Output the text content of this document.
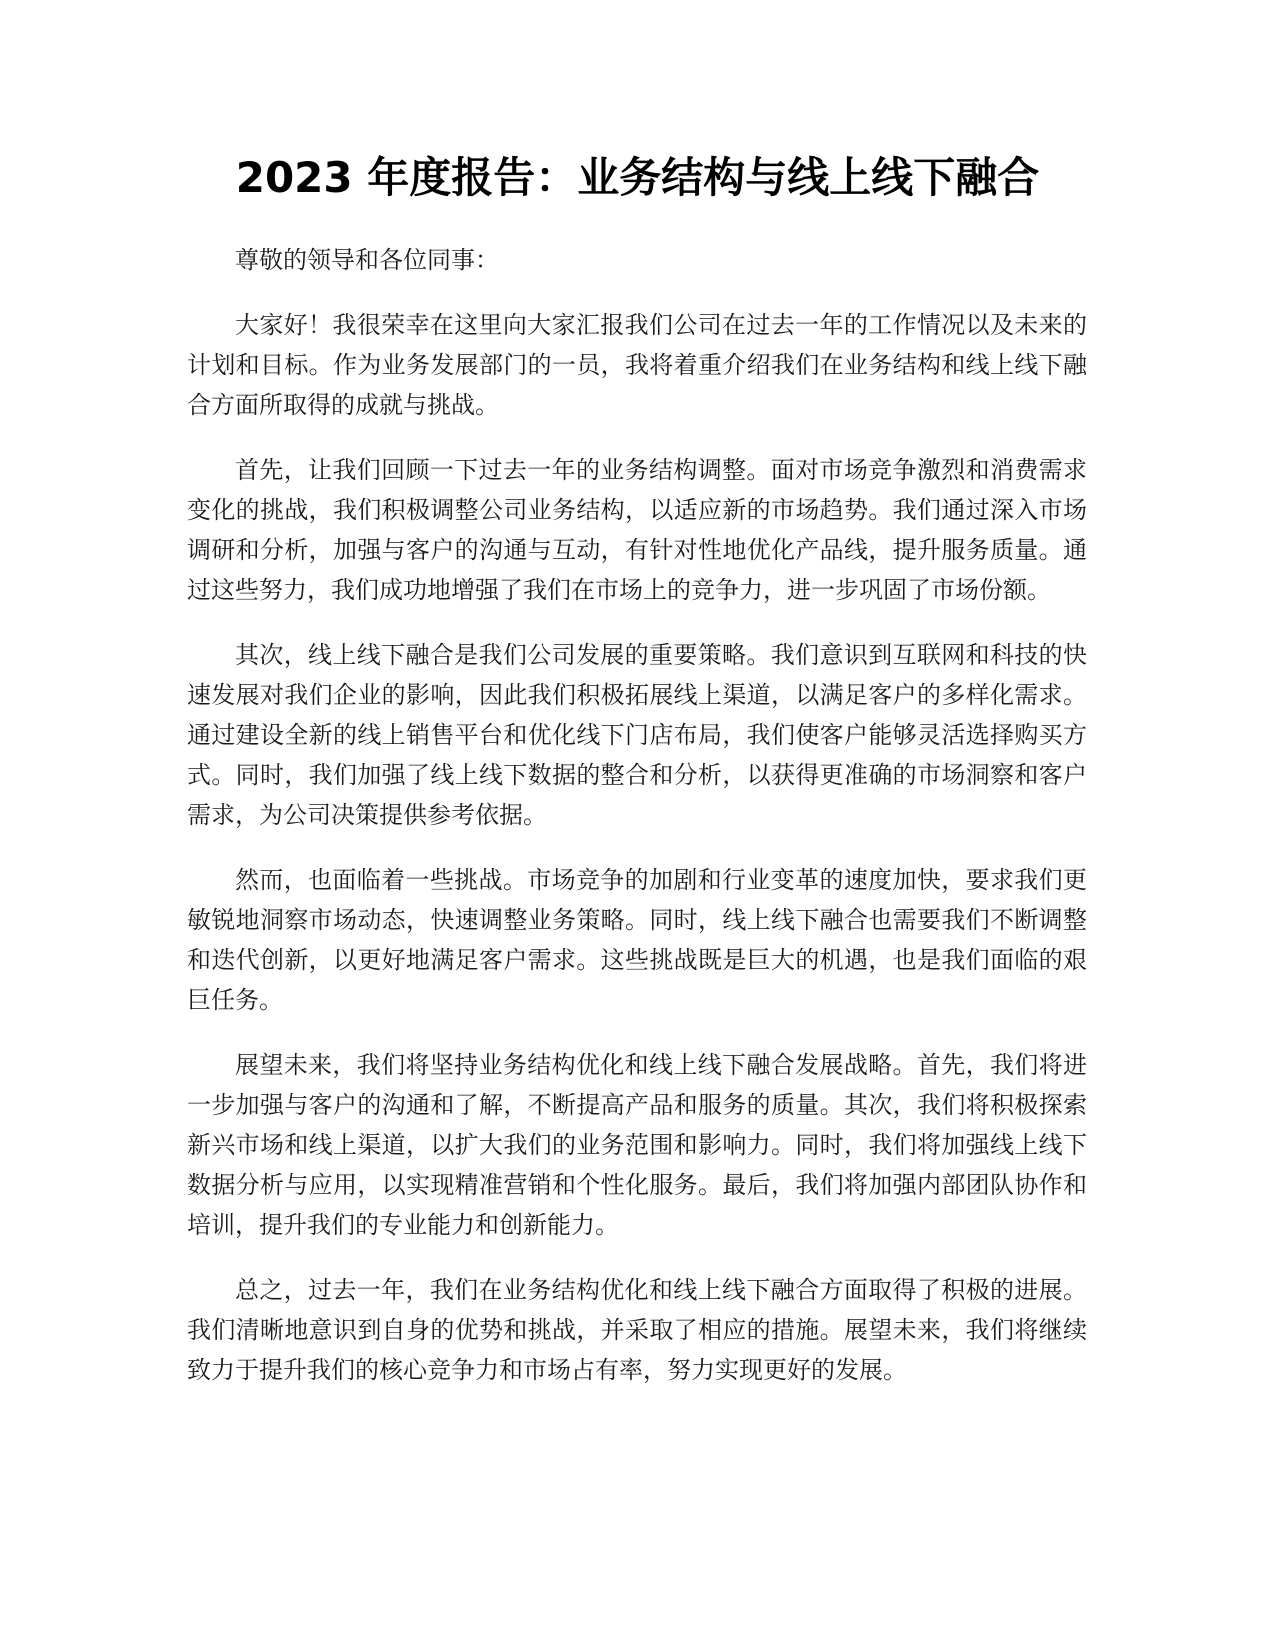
2023 年度报告：业务结构与线上线下融合

尊敬的领导和各位同事：

大家好！我很荣幸在这里向大家汇报我们公司在过去一年的工作情况以及未来的计划和目标。作为业务发展部门的一员，我将着重介绍我们在业务结构和线上线下融合方面所取得的成就与挑战。

首先，让我们回顾一下过去一年的业务结构调整。面对市场竞争激烈和消费需求变化的挑战，我们积极调整公司业务结构，以适应新的市场趋势。我们通过深入市场调研和分析，加强与客户的沟通与互动，有针对性地优化产品线，提升服务质量。通过这些努力，我们成功地增强了我们在市场上的竞争力，进一步巩固了市场份额。

其次，线上线下融合是我们公司发展的重要策略。我们意识到互联网和科技的快速发展对我们企业的影响，因此我们积极拓展线上渠道，以满足客户的多样化需求。通过建设全新的线上销售平台和优化线下门店布局，我们使客户能够灵活选择购买方式。同时，我们加强了线上线下数据的整合和分析，以获得更准确的市场洞察和客户需求，为公司决策提供参考依据。

然而，也面临着一些挑战。市场竞争的加剧和行业变革的速度加快，要求我们更敏锐地洞察市场动态，快速调整业务策略。同时，线上线下融合也需要我们不断调整和迭代创新，以更好地满足客户需求。这些挑战既是巨大的机遇，也是我们面临的艰巨任务。

展望未来，我们将坚持业务结构优化和线上线下融合发展战略。首先，我们将进一步加强与客户的沟通和了解，不断提高产品和服务的质量。其次，我们将积极探索新兴市场和线上渠道，以扩大我们的业务范围和影响力。同时，我们将加强线上线下数据分析与应用，以实现精准营销和个性化服务。最后，我们将加强内部团队协作和培训，提升我们的专业能力和创新能力。

总之，过去一年，我们在业务结构优化和线上线下融合方面取得了积极的进展。我们清晰地意识到自身的优势和挑战，并采取了相应的措施。展望未来，我们将继续致力于提升我们的核心竞争力和市场占有率，努力实现更好的发展。
